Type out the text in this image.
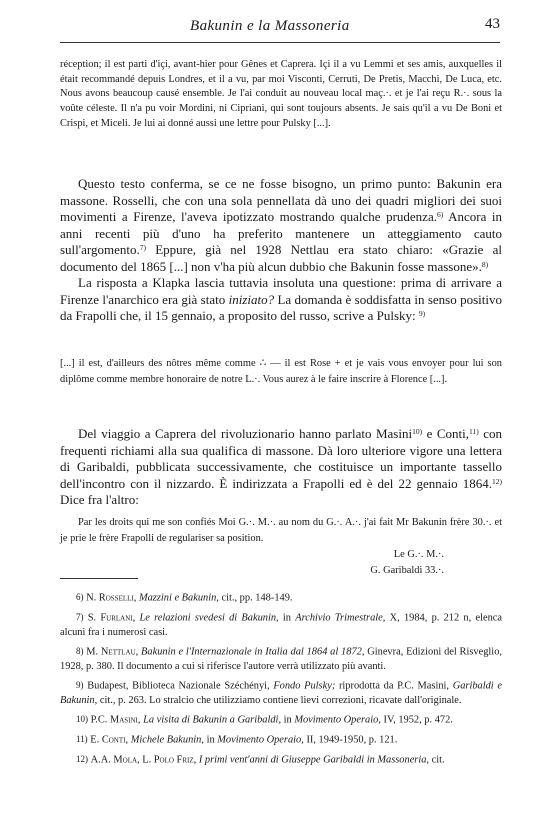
Bakunin e la Massoneria	43

réception; il est parti d'içi, avant-hier pour Gênes et Caprera. Içi il a vu Lemmi et ses amis, auxquelles il était recommandé depuis Londres, et il a vu, par moi Visconti, Cerruti, De Pretis, Macchi, De Luca, etc. Nous avons beaucoup causé ensemble. Je l'ai conduit au nouveau local maç.·. et je l'ai reçu R.·. sous la voûte céleste. Il n'a pu voir Mordini, ni Cipriani, qui sont toujours absents. Je sais qu'il a vu De Boni et Crispi, et Miceli. Je lui ai donné aussi une lettre pour Pulsky [...].

Questo testo conferma, se ce ne fosse bisogno, un primo punto: Bakunin era massone. Rosselli, che con una sola pennellata dà uno dei quadri migliori dei suoi movimenti a Firenze, l'aveva ipotizzato mostrando qualche prudenza.$^{6)}$ Ancora in anni recenti più d'uno ha preferito mantenere un atteggiamento cauto sull'argomento.$^{7)}$ Eppure, già nel 1928 Nettlau era stato chiaro: «Grazie al documento del 1865 [...] non v'ha più alcun dubbio che Bakunin fosse massone».$^{8)}$

La risposta a Klapka lascia tuttavia insoluta una questione: prima di arrivare a Firenze l'anarchico era già stato iniziato? La domanda è soddisfatta in senso positivo da Frapolli che, il 15 gennaio, a proposito del russo, scrive a Pulsky: $^{9)}$

[...] il est, d'ailleurs des nôtres même comme ∴ — il est Rose + et je vais vous envoyer pour lui son diplôme comme membre honoraire de notre L.·. Vous aurez à le faire inscrire à Florence [...].

Del viaggio a Caprera del rivoluzionario hanno parlato Masini$^{10)}$ e Conti,$^{11)}$ con frequenti richiami alla sua qualifica di massone. Dà loro ulteriore vigore una lettera di Garibaldi, pubblicata successivamente, che costituisce un importante tassello dell'incontro con il nizzardo. È indirizzata a Frapolli ed è del 22 gennaio 1864.$^{12)}$ Dice fra l'altro:

Par les droits qui me son confiés Moi G.·. M.·. au nom du G.·. A.·. j'ai fait Mr Bakunin frère 30.·. et je prie le frère Frapolli de regulariser sa position.

Le G.·. M.·.

G. Garibaldi 33.·.

6) N. Rosselli, Mazzini e Bakunin, cit., pp. 148-149.

7) S. Furlani, Le relazioni svedesi di Bakunin, in Archivio Trimestrale, X, 1984, p. 212 n, elenca alcuni fra i numerosi casi.

8) M. Nettlau, Bakunin e l'Internazionale in Italia dal 1864 al 1872, Ginevra, Edizioni del Risveglio, 1928, p. 380. Il documento a cui si riferisce l'autore verrà utilizzato più avanti.

9) Budapest, Biblioteca Nazionale Széchényi, Fondo Pulsky; riprodotta da P.C. Masini, Garibaldi e Bakunin, cit., p. 263. Lo stralcio che utilizziamo contiene lievi correzioni, ricavate dall'originale.

10) P.C. Masini, La visita di Bakunin a Garibaldi, in Movimento Operaio, IV, 1952, p. 472.

11) E. Conti, Michele Bakunin, in Movimento Operaio, II, 1949-1950, p. 121.

12) A.A. Mola, L. Polo Friz, I primi vent'anni di Giuseppe Garibaldi in Massoneria, cit.
